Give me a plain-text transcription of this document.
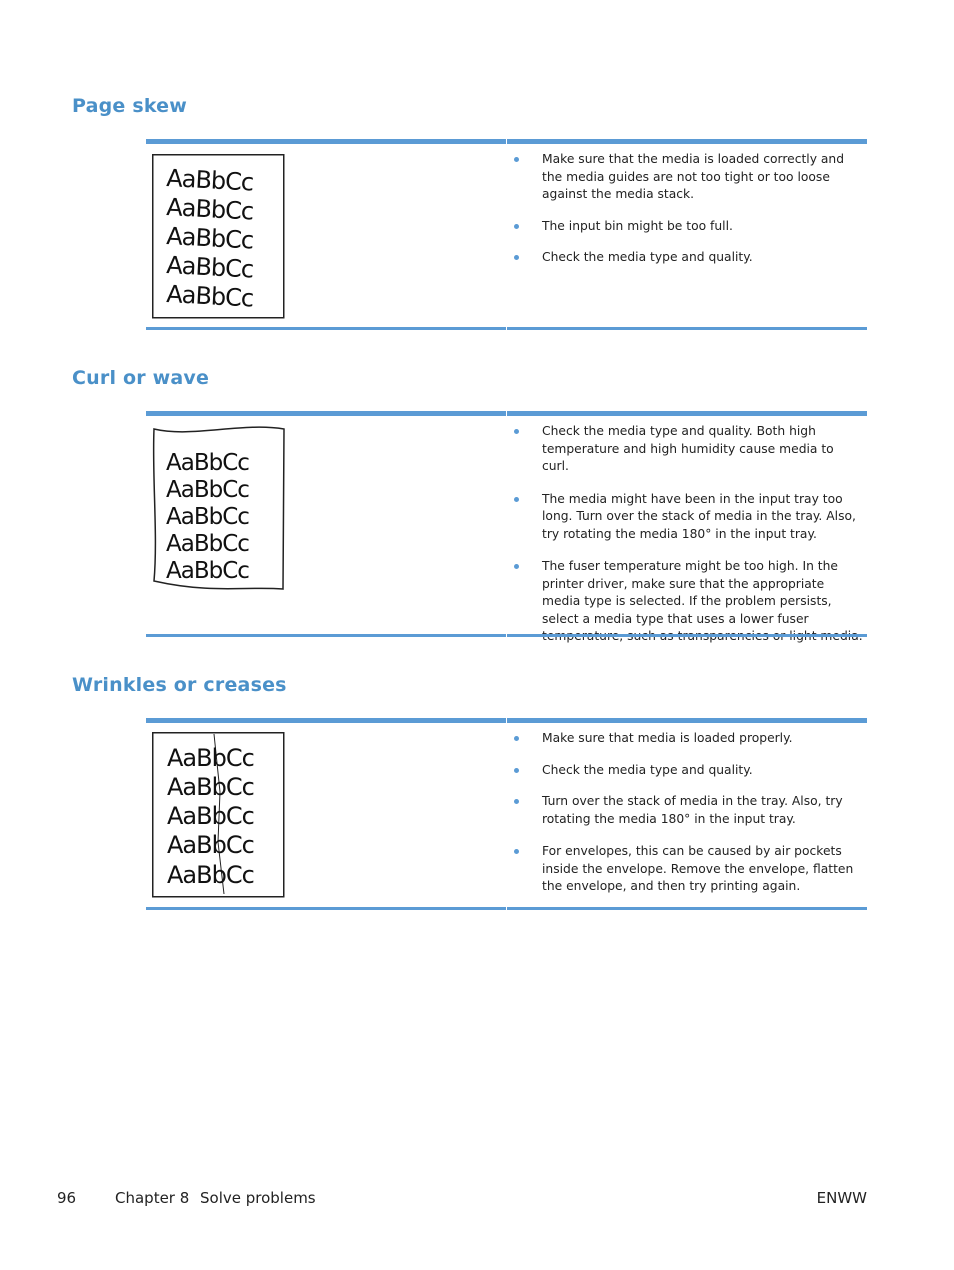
Page skew
AaBbCc
AaBbCc
AaBbCc
AaBbCc
AaBbCc
Make sure that the media is loaded correctly and the media guides are not too tight or too loose against the media stack.
The input bin might be too full.
Check the media type and quality.
Curl or wave
AaBbCc
AaBbCc
AaBbCc
AaBbCc
AaBbCc
Check the media type and quality. Both high temperature and high humidity cause media to curl.
The media might have been in the input tray too long. Turn over the stack of media in the tray. Also, try rotating the media 180° in the input tray.
The fuser temperature might be too high. In the printer driver, make sure that the appropriate media type is selected. If the problem persists, select a media type that uses a lower fuser
Wrinkles or creases
AaBbCc
AaBbCc
AaBbCc
AaBbCc
AaBbCc
Make sure that media is loaded properly.
Check the media type and quality.
Turn over the stack of media in the tray. Also, try rotating the media 180° in the input tray.
For envelopes, this can be caused by air pockets inside the envelope. Remove the envelope, flatten the envelope, and then try printing again.
96	Chapter 8 Solve problems	ENWW
